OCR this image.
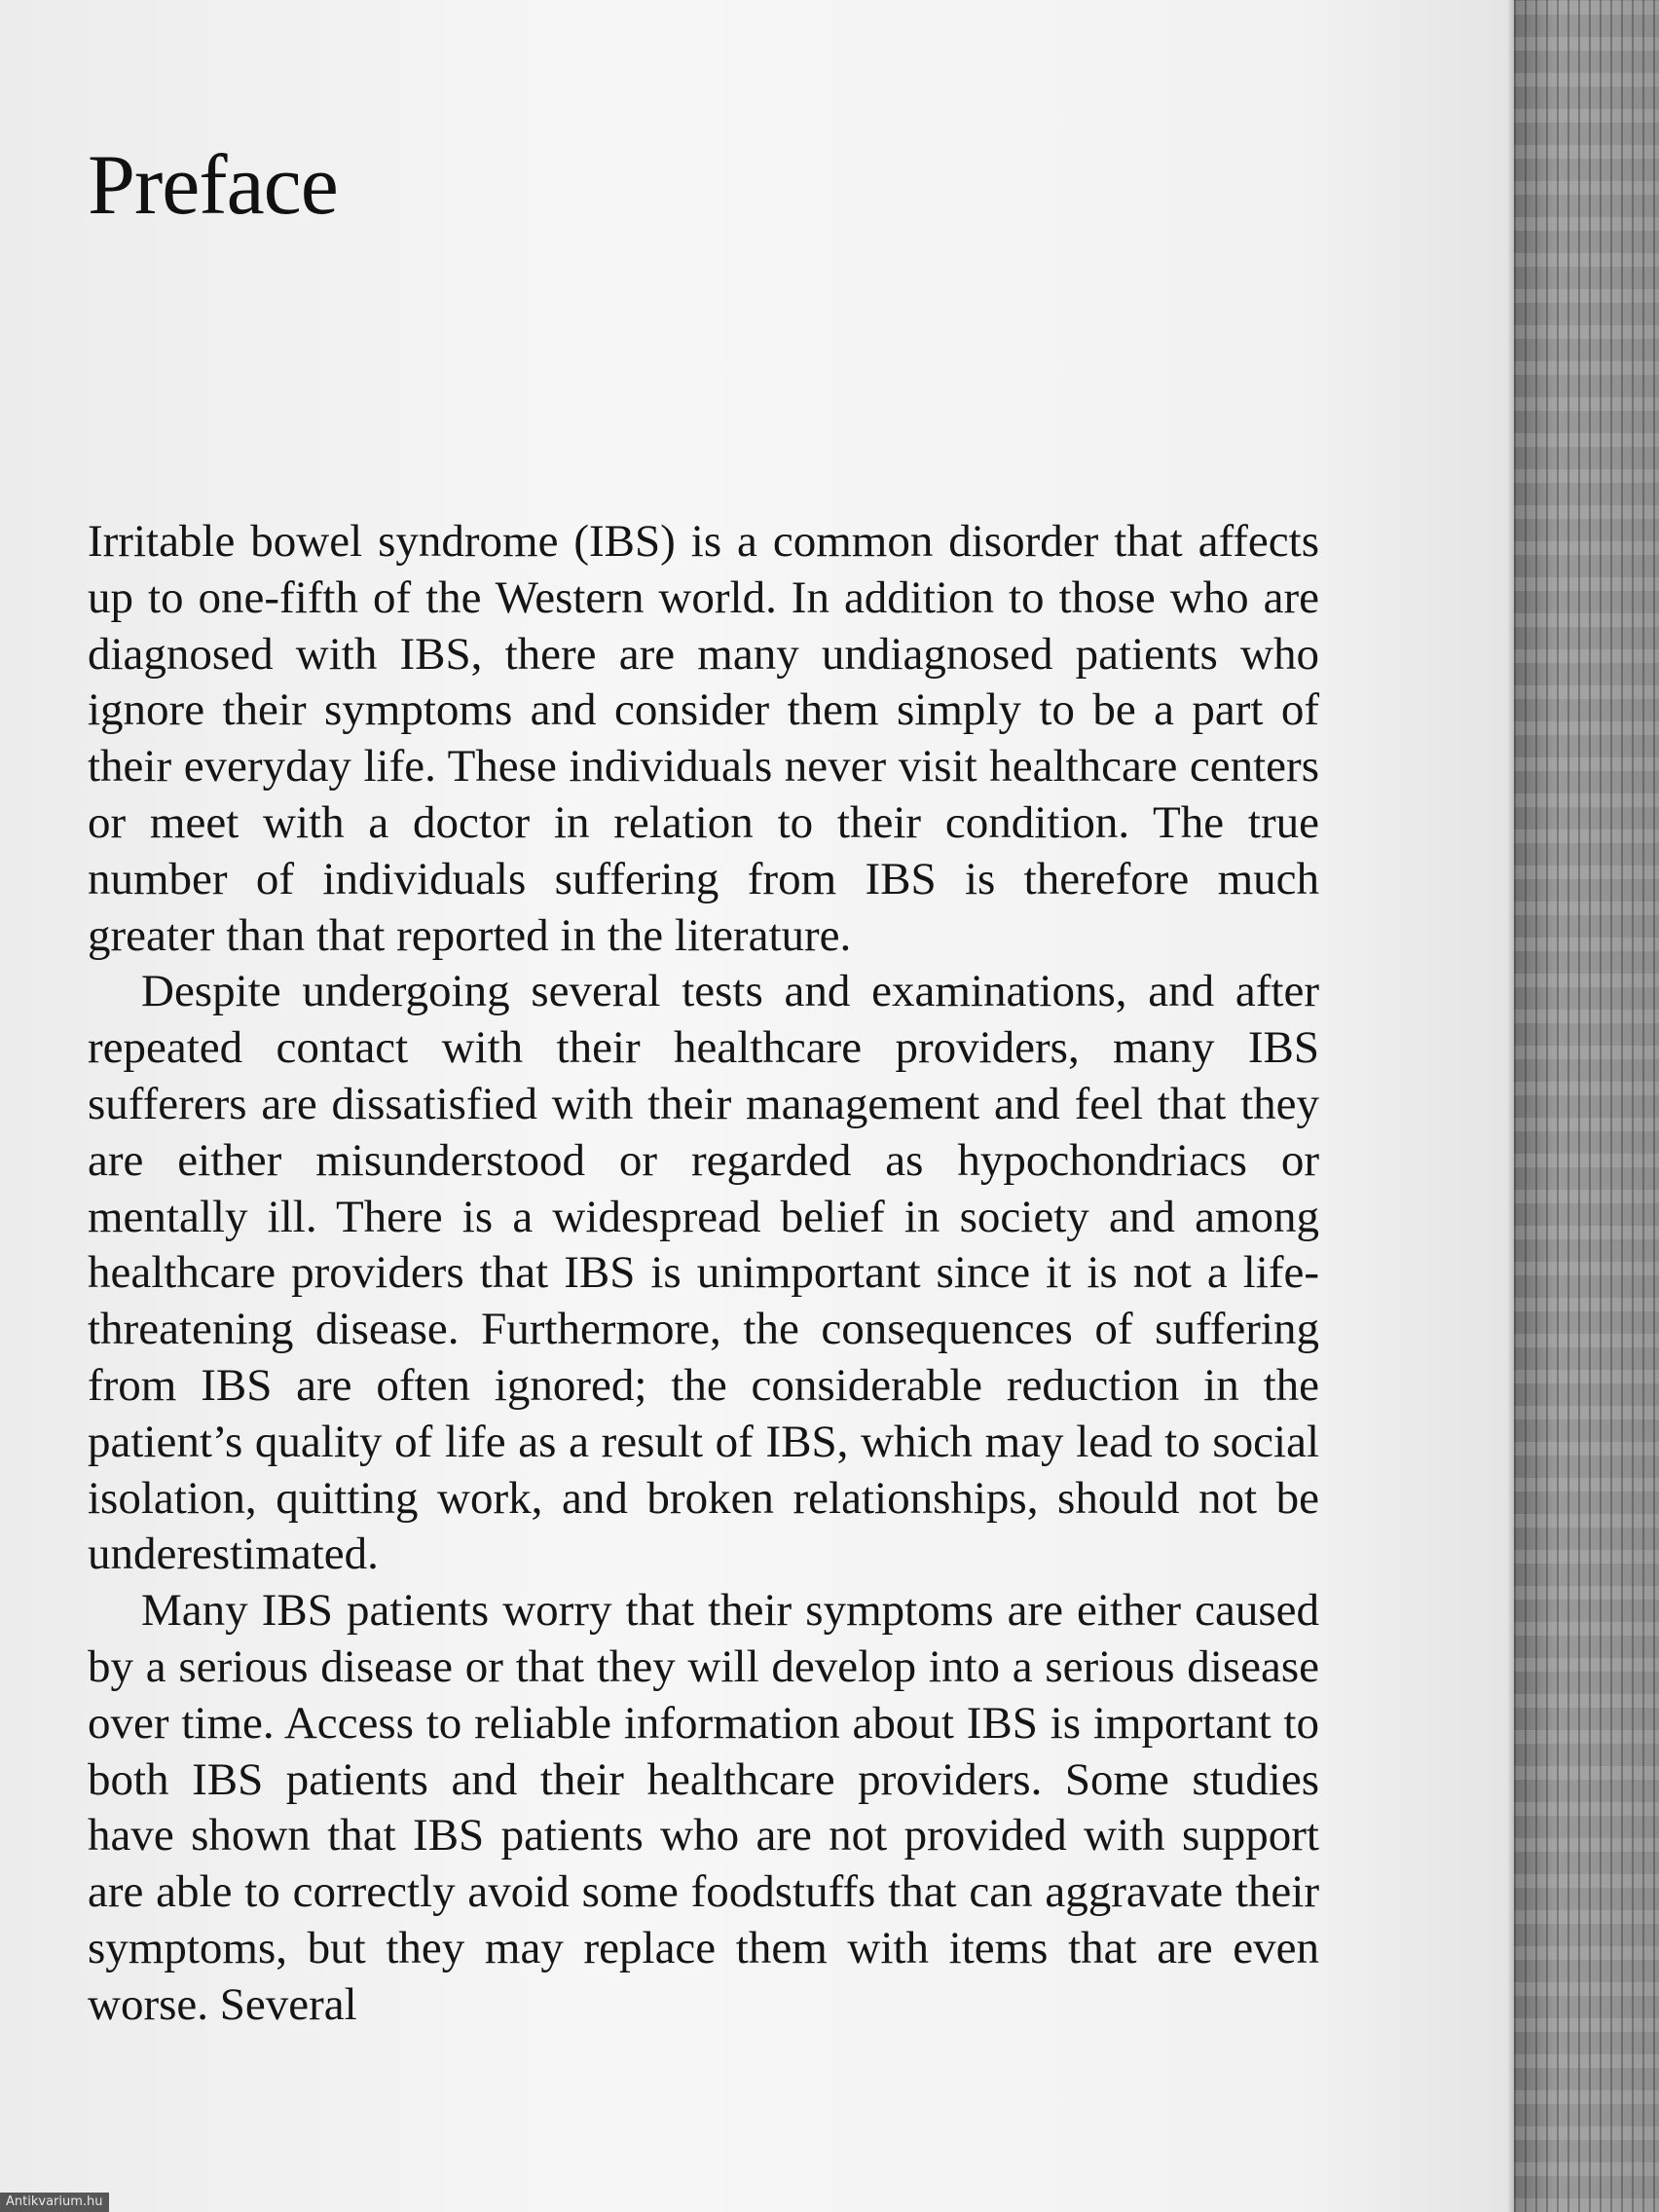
Preface

Irritable bowel syndrome (IBS) is a common disorder that affects up to one-fifth of the Western world. In addition to those who are diagnosed with IBS, there are many undiagnosed patients who ignore their symptoms and consider them simply to be a part of their everyday life. These individuals never visit healthcare centers or meet with a doctor in relation to their condition. The true number of individuals suffering from IBS is therefore much greater than that reported in the literature.

Despite undergoing several tests and examinations, and after repeated contact with their healthcare providers, many IBS sufferers are dissatisfied with their management and feel that they are either misunderstood or regarded as hypochondriacs or mentally ill. There is a widespread belief in society and among healthcare providers that IBS is unimportant since it is not a life-threatening disease. Furthermore, the consequences of suffering from IBS are often ignored; the considerable reduction in the patient’s quality of life as a result of IBS, which may lead to social isolation, quitting work, and broken relationships, should not be underestimated.

Many IBS patients worry that their symptoms are either caused by a serious disease or that they will develop into a serious disease over time. Access to reliable information about IBS is important to both IBS patients and their healthcare providers. Some studies have shown that IBS patients who are not provided with support are able to correctly avoid some foodstuffs that can aggravate their symptoms, but they may replace them with items that are even worse. Several

Antikvarium.hu
